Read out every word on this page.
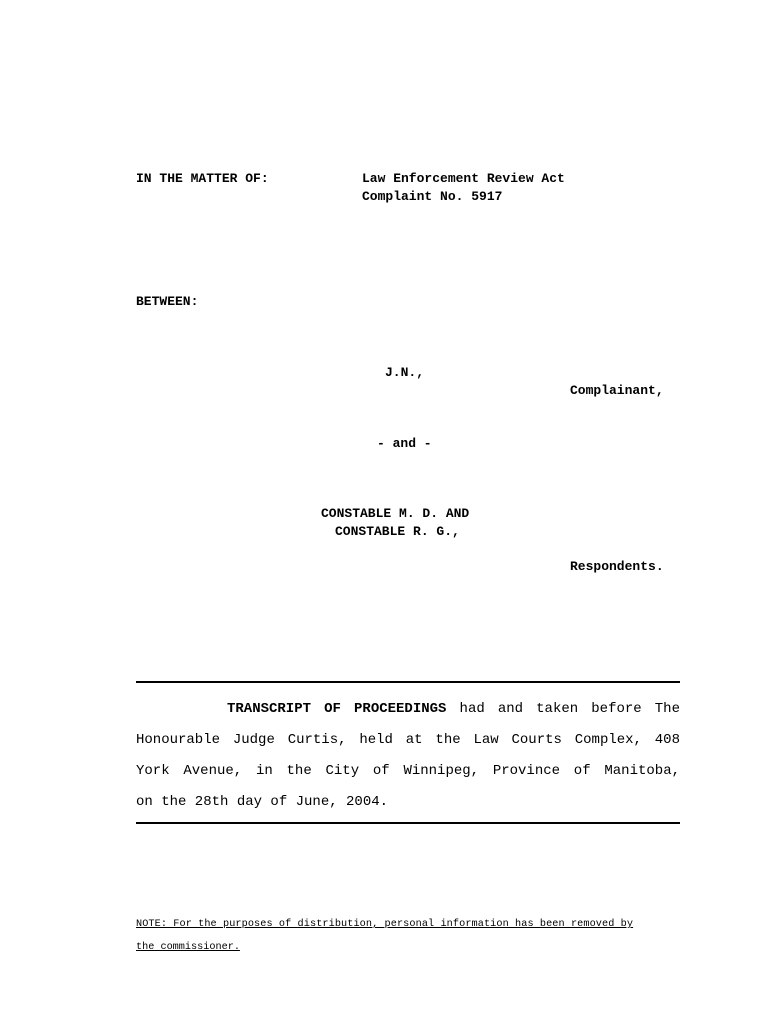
IN THE MATTER OF:	Law Enforcement Review Act
Complaint No. 5917
BETWEEN:
J.N.,
Complainant,
- and -
CONSTABLE M. D. AND
CONSTABLE R. G.,
Respondents.
TRANSCRIPT OF PROCEEDINGS had and taken before The
Honourable Judge Curtis, held at the Law Courts Complex, 408
York Avenue, in the City of Winnipeg, Province of Manitoba,
on the 28th day of June, 2004.
NOTE: For the purposes of distribution, personal information has been removed by
the commissioner.
